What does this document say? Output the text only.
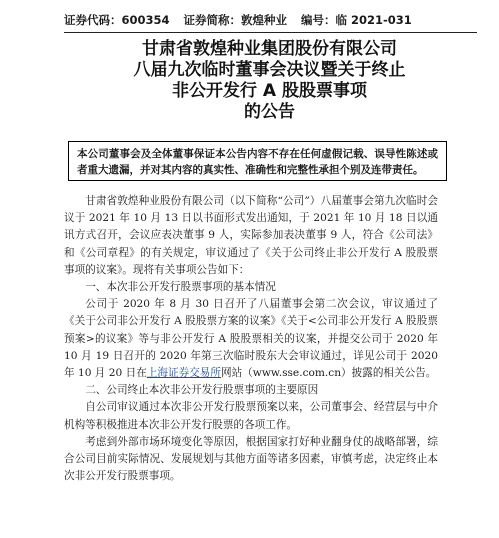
证券代码：600354 证券简称：敦煌种业 编号：临 2021-031
甘肃省敦煌种业集团股份有限公司
八届九次临时董事会决议暨关于终止
非公开发行 A 股股票事项
的公告
本公司董事会及全体董事保证本公告内容不存在任何虚假记载、误导性陈述或者重大遗漏，并对其内容的真实性、准确性和完整性承担个别及连带责任。

甘肃省敦煌种业股份有限公司（以下简称“公司”）八届董事会第九次临时会议于 2021 年 10 月 13 日以书面形式发出通知，于 2021 年 10 月 18 日以通讯方式召开，会议应表决董事 9 人，实际参加表决董事 9 人，符合《公司法》和《公司章程》的有关规定，审议通过了《关于公司终止非公开发行 A 股股票事项的议案》。现将有关事项公告如下：

一、本次非公开发行股票事项的基本情况

公司于 2020 年 8 月 30 日召开了八届董事会第二次会议，审议通过了《关于公司非公开发行 A 股股票方案的议案》《关于<公司非公开发行 A 股股票预案>的议案》等与非公开发行 A 股股票相关的议案，并提交公司于 2020 年 10 月 19 日召开的 2020 年第三次临时股东大会审议通过，详见公司于 2020 年 10 月 20 日在上海证券交易所网站（www.sse.com.cn）披露的相关公告。

二、公司终止本次非公开发行股票事项的主要原因

自公司审议通过本次非公开发行股票预案以来，公司董事会、经营层与中介机构等积极推进本次非公开发行股票的各项工作。

考虑到外部市场环境变化等原因，根据国家打好种业翻身仗的战略部署，综合公司目前实际情况、发展规划与其他方面等诸多因素，审慎考虑，决定终止本次非公开发行股票事项。
